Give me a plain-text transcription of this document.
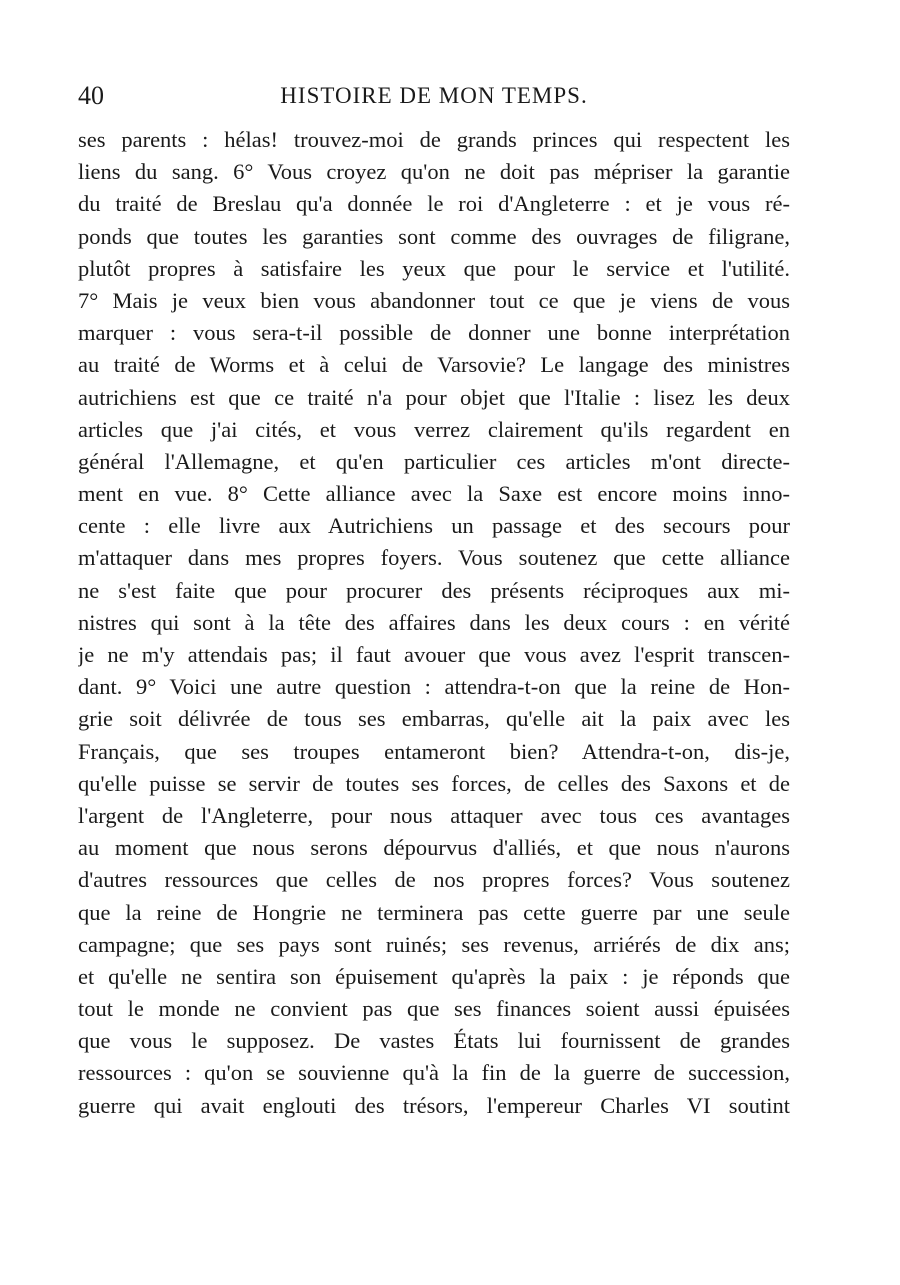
40	HISTOIRE DE MON TEMPS.
ses parents : hélas! trouvez-moi de grands princes qui respectent les
liens du sang. 6° Vous croyez qu'on ne doit pas mépriser la garantie
du traité de Breslau qu'a donnée le roi d'Angleterre : et je vous ré-
ponds que toutes les garanties sont comme des ouvrages de filigrane,
plutôt propres à satisfaire les yeux que pour le service et l'utilité.
7° Mais je veux bien vous abandonner tout ce que je viens de vous
marquer : vous sera-t-il possible de donner une bonne interprétation
au traité de Worms et à celui de Varsovie? Le langage des ministres
autrichiens est que ce traité n'a pour objet que l'Italie : lisez les deux
articles que j'ai cités, et vous verrez clairement qu'ils regardent en
général l'Allemagne, et qu'en particulier ces articles m'ont directe-
ment en vue. 8° Cette alliance avec la Saxe est encore moins inno-
cente : elle livre aux Autrichiens un passage et des secours pour
m'attaquer dans mes propres foyers. Vous soutenez que cette alliance
ne s'est faite que pour procurer des présents réciproques aux mi-
nistres qui sont à la tête des affaires dans les deux cours : en vérité
je ne m'y attendais pas; il faut avouer que vous avez l'esprit transcen-
dant. 9° Voici une autre question : attendra-t-on que la reine de Hon-
grie soit délivrée de tous ses embarras, qu'elle ait la paix avec les
Français, que ses troupes entameront bien? Attendra-t-on, dis-je,
qu'elle puisse se servir de toutes ses forces, de celles des Saxons et de
l'argent de l'Angleterre, pour nous attaquer avec tous ces avantages
au moment que nous serons dépourvus d'alliés, et que nous n'aurons
d'autres ressources que celles de nos propres forces? Vous soutenez
que la reine de Hongrie ne terminera pas cette guerre par une seule
campagne; que ses pays sont ruinés; ses revenus, arriérés de dix ans;
et qu'elle ne sentira son épuisement qu'après la paix : je réponds que
tout le monde ne convient pas que ses finances soient aussi épuisées
que vous le supposez. De vastes États lui fournissent de grandes
ressources : qu'on se souvienne qu'à la fin de la guerre de succession,
guerre qui avait englouti des trésors, l'empereur Charles VI soutint
